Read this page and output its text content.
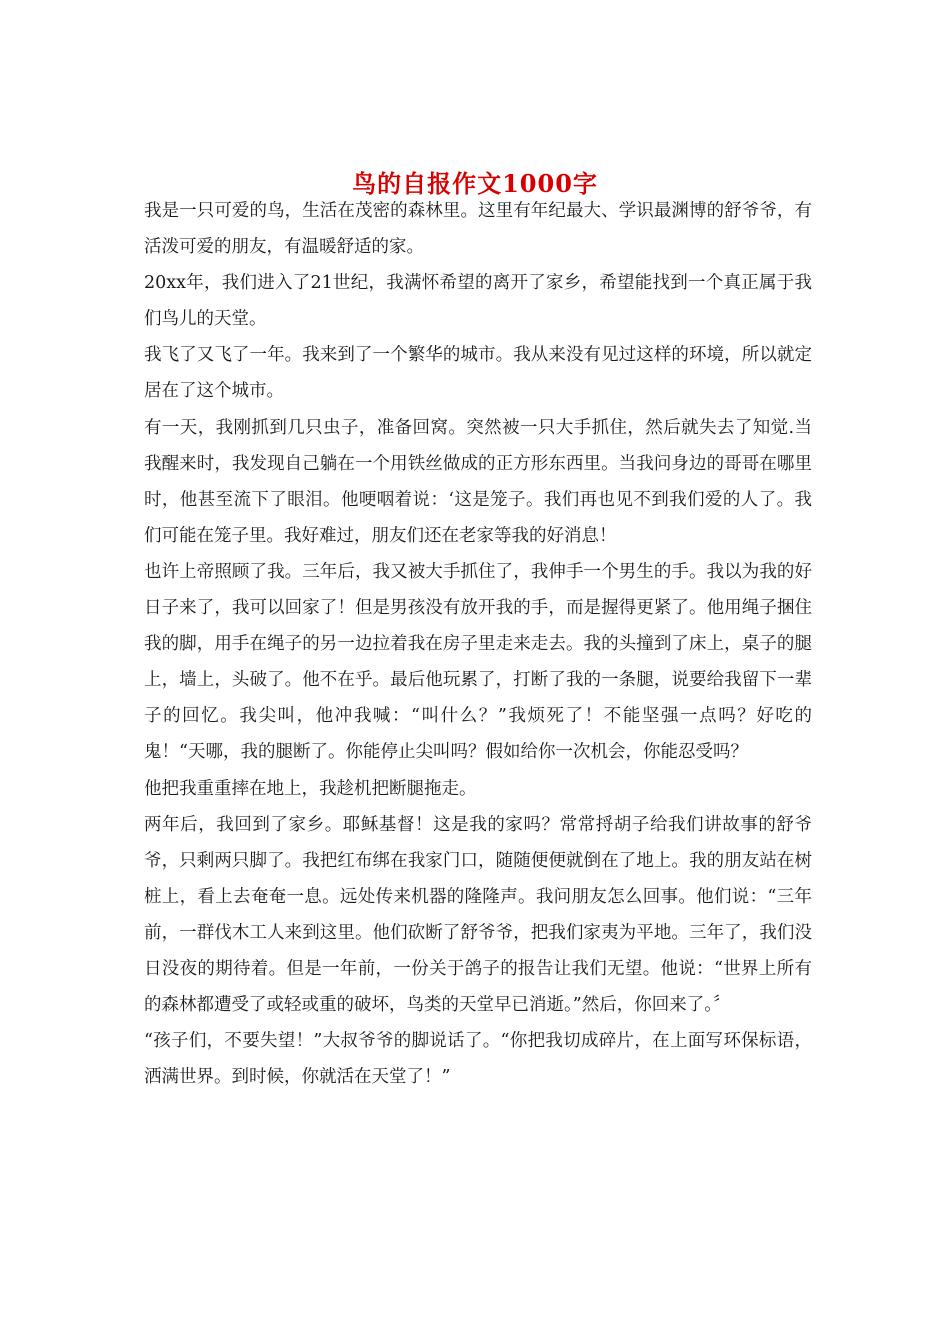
鸟的自报作文1000字

我是一只可爱的鸟，生活在茂密的森林里。这里有年纪最大、学识最渊博的舒爷爷，有活泼可爱的朋友，有温暖舒适的家。

20xx年，我们进入了21世纪，我满怀希望的离开了家乡，希望能找到一个真正属于我们鸟儿的天堂。

我飞了又飞了一年。我来到了一个繁华的城市。我从来没有见过这样的环境，所以就定居在了这个城市。

有一天，我刚抓到几只虫子，准备回窝。突然被一只大手抓住，然后就失去了知觉.当我醒来时，我发现自己躺在一个用铁丝做成的正方形东西里。当我问身边的哥哥在哪里时，他甚至流下了眼泪。他哽咽着说：‘这是笼子。我们再也见不到我们爱的人了。我们可能在笼子里。我好难过，朋友们还在老家等我的好消息！

也许上帝照顾了我。三年后，我又被大手抓住了，我伸手一个男生的手。我以为我的好日子来了，我可以回家了！但是男孩没有放开我的手，而是握得更紧了。他用绳子捆住我的脚，用手在绳子的另一边拉着我在房子里走来走去。我的头撞到了床上，桌子的腿上，墙上，头破了。他不在乎。最后他玩累了，打断了我的一条腿，说要给我留下一辈子的回忆。我尖叫，他冲我喊：“叫什么？”我烦死了！不能坚强一点吗？好吃的鬼！“天哪，我的腿断了。你能停止尖叫吗？假如给你一次机会，你能忍受吗？

他把我重重摔在地上，我趁机把断腿拖走。

两年后，我回到了家乡。耶稣基督！这是我的家吗？常常捋胡子给我们讲故事的舒爷爷，只剩两只脚了。我把红布绑在我家门口，随随便便就倒在了地上。我的朋友站在树桩上，看上去奄奄一息。远处传来机器的隆隆声。我问朋友怎么回事。他们说：“三年前，一群伐木工人来到这里。他们砍断了舒爷爷，把我们家夷为平地。三年了，我们没日没夜的期待着。但是一年前，一份关于鸽子的报告让我们无望。他说：“世界上所有的森林都遭受了或轻或重的破坏，鸟类的天堂早已消逝。”然后，你回来了。〞

“孩子们，不要失望！”大叔爷爷的脚说话了。“你把我切成碎片，在上面写环保标语，洒满世界。到时候，你就活在天堂了！”
